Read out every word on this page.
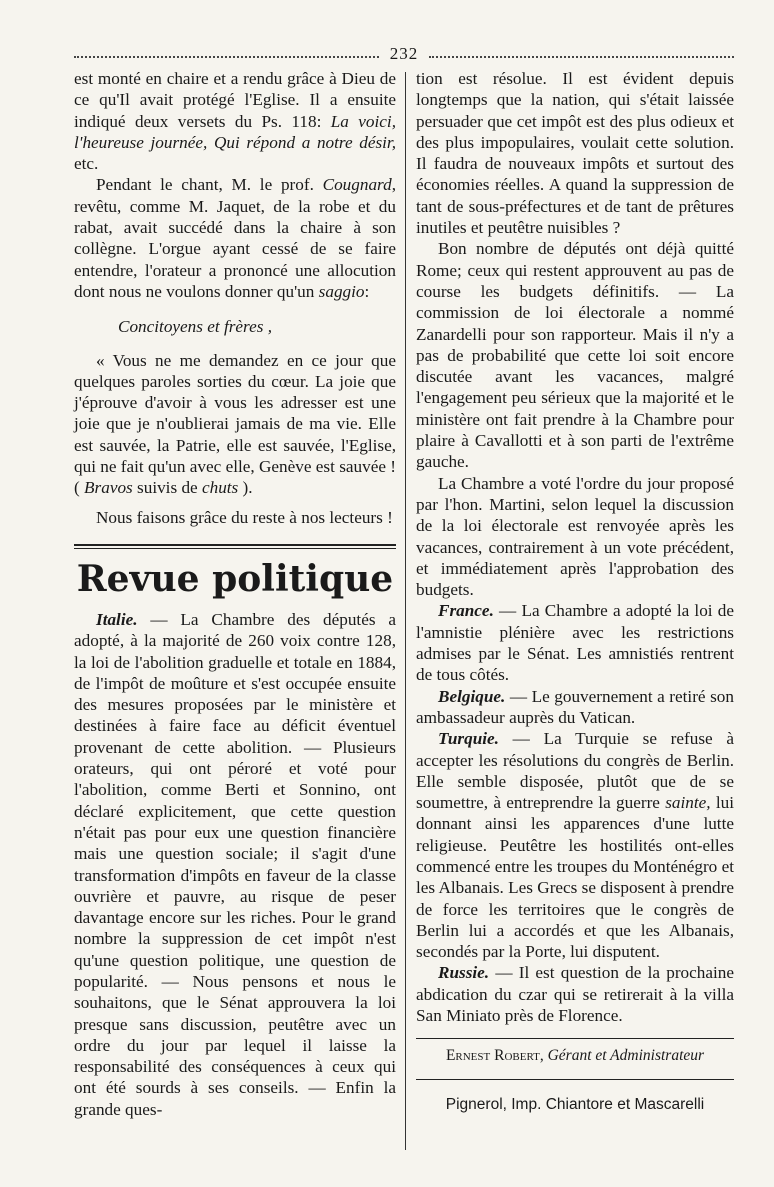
232

est monté en chaire et a rendu grâce à Dieu de ce qu'Il avait protégé l'Eglise. Il a ensuite indiqué deux versets du Ps. 118: La voici, l'heureuse journée, Qui répond a notre désir, etc.

Pendant le chant, M. le prof. Cougnard, revêtu, comme M. Jaquet, de la robe et du rabat, avait succédé dans la chaire à son collègne. L'orgue ayant cessé de se faire entendre, l'orateur a prononcé une allocution dont nous ne voulons donner qu'un saggio:

Concitoyens et frères ,

« Vous ne me demandez en ce jour que quelques paroles sorties du cœur. La joie que j'éprouve d'avoir à vous les adresser est une joie que je n'oublierai jamais de ma vie. Elle est sauvée, la Patrie, elle est sauvée, l'Eglise, qui ne fait qu'un avec elle, Genève est sauvée ! ( Bravos suivis de chuts ).

Nous faisons grâce du reste à nos lecteurs !

Revue politique

Italie. — La Chambre des députés a adopté, à la majorité de 260 voix contre 128, la loi de l'abolition graduelle et totale en 1884, de l'impôt de moûture et s'est occupée ensuite des mesures proposées par le ministère et destinées à faire face au déficit éventuel provenant de cette abolition. — Plusieurs orateurs, qui ont péroré et voté pour l'abolition, comme Berti et Sonnino, ont déclaré explicitement, que cette question n'était pas pour eux une question financière mais une question sociale; il s'agit d'une transformation d'impôts en faveur de la classe ouvrière et pauvre, au risque de peser davantage encore sur les riches. Pour le grand nombre la suppression de cet impôt n'est qu'une question politique, une question de popularité. — Nous pensons et nous le souhaitons, que le Sénat approuvera la loi presque sans discussion, peutêtre avec un ordre du jour par lequel il laisse la responsabilité des conséquences à ceux qui ont été sourds à ses conseils. — Enfin la grande ques-

tion est résolue. Il est évident depuis longtemps que la nation, qui s'était laissée persuader que cet impôt est des plus odieux et des plus impopulaires, voulait cette solution. Il faudra de nouveaux impôts et surtout des économies réelles. A quand la suppression de tant de sous-préfectures et de tant de prêtures inutiles et peutêtre nuisibles ?

Bon nombre de députés ont déjà quitté Rome; ceux qui restent approuvent au pas de course les budgets définitifs. — La commission de loi électorale a nommé Zanardelli pour son rapporteur. Mais il n'y a pas de probabilité que cette loi soit encore discutée avant les vacances, malgré l'engagement peu sérieux que la majorité et le ministère ont fait prendre à la Chambre pour plaire à Cavallotti et à son parti de l'extrême gauche.

La Chambre a voté l'ordre du jour proposé par l'hon. Martini, selon lequel la discussion de la loi électorale est renvoyée après les vacances, contrairement à un vote précédent, et immédiatement après l'approbation des budgets.

France. — La Chambre a adopté la loi de l'amnistie plénière avec les restrictions admises par le Sénat. Les amnistiés rentrent de tous côtés.

Belgique. — Le gouvernement a retiré son ambassadeur auprès du Vatican.

Turquie. — La Turquie se refuse à accepter les résolutions du congrès de Berlin. Elle semble disposée, plutôt que de se soumettre, à entreprendre la guerre sainte, lui donnant ainsi les apparences d'une lutte religieuse. Peutêtre les hostilités ont-elles commencé entre les troupes du Monténégro et les Albanais. Les Grecs se disposent à prendre de force les territoires que le congrès de Berlin lui a accordés et que les Albanais, secondés par la Porte, lui disputent.

Russie. — Il est question de la prochaine abdication du czar qui se retirerait à la villa San Miniato près de Florence.

Ernest Robert, Gérant et Administrateur
Pignerol, Imp. Chiantore et Mascarelli
